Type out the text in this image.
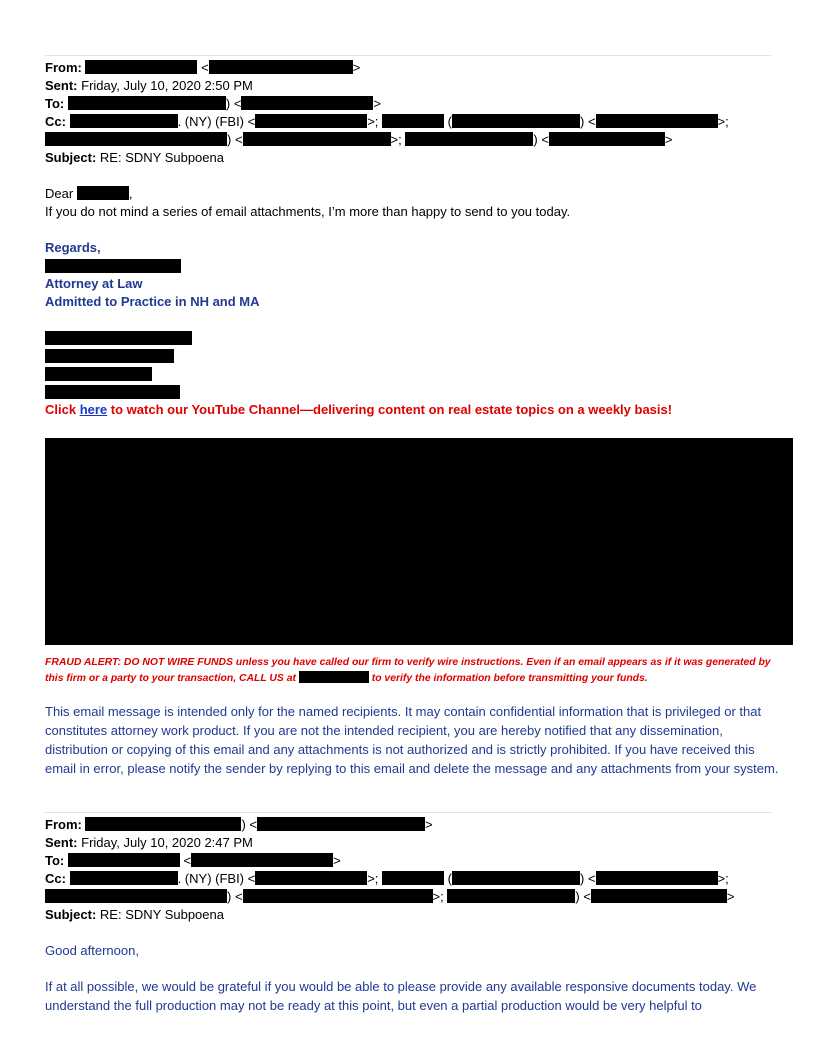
From:	<	>
Sent: Friday, July 10, 2020 2:50 PM
To:	) <	>
Cc:	. (NY) (FBI) <	>;	(	) <	>;
) <	>;	) <	>
Subject: RE: SDNY Subpoena
Dear	,
If you do not mind a series of email attachments, I’m more than happy to send to you today.
Regards,
Attorney at Law
Admitted to Practice in NH and MA
Click here to watch our YouTube Channel—delivering content on real estate topics on a weekly basis!
FRAUD ALERT: DO NOT WIRE FUNDS unless you have called our firm to verify wire instructions. Even if an email appears as if it was generated by
this firm or a party to your transaction, CALL US at	to verify the information before transmitting your funds.
This email message is intended only for the named recipients. It may contain confidential information that is privileged or that constitutes attorney work product. If you are not the intended recipient, you are hereby notified that any dissemination, distribution or copying of this email and any attachments is not authorized and is strictly prohibited. If you have received this email in error, please notify the sender by replying to this email and delete the message and any attachments from your system.
From:	) <	>
Sent: Friday, July 10, 2020 2:47 PM
To:	<	>
Cc:	. (NY) (FBI) <	>;	(	) <	>;
) <	>;	) <	>
Subject: RE: SDNY Subpoena
Good afternoon,
If at all possible, we would be grateful if you would be able to please provide any available responsive documents today. We understand the full production may not be ready at this point, but even a partial production would be very helpful to
